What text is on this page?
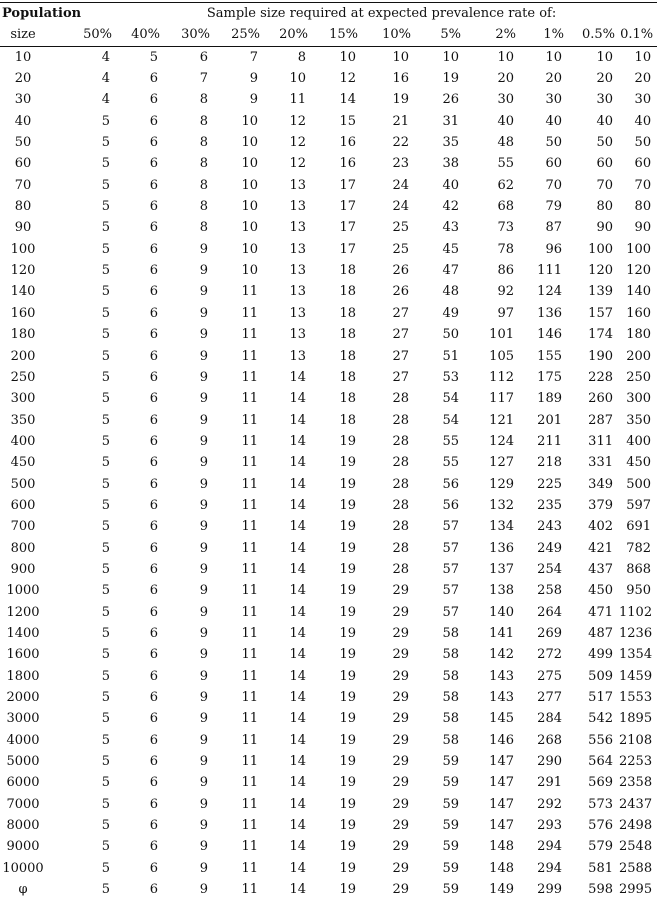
Population	Sample size required at expected prevalence rate of:											
size	50%	40%	30%	25%	20%	15%	10%	5%	2%	1%	0.5%	0.1%
10	4	5	6	7	8	10	10	10	10	10	10	10
20	4	6	7	9	10	12	16	19	20	20	20	20
30	4	6	8	9	11	14	19	26	30	30	30	30
40	5	6	8	10	12	15	21	31	40	40	40	40
50	5	6	8	10	12	16	22	35	48	50	50	50
60	5	6	8	10	12	16	23	38	55	60	60	60
70	5	6	8	10	13	17	24	40	62	70	70	70
80	5	6	8	10	13	17	24	42	68	79	80	80
90	5	6	8	10	13	17	25	43	73	87	90	90
100	5	6	9	10	13	17	25	45	78	96	100	100
120	5	6	9	10	13	18	26	47	86	111	120	120
140	5	6	9	11	13	18	26	48	92	124	139	140
160	5	6	9	11	13	18	27	49	97	136	157	160
180	5	6	9	11	13	18	27	50	101	146	174	180
200	5	6	9	11	13	18	27	51	105	155	190	200
250	5	6	9	11	14	18	27	53	112	175	228	250
300	5	6	9	11	14	18	28	54	117	189	260	300
350	5	6	9	11	14	18	28	54	121	201	287	350
400	5	6	9	11	14	19	28	55	124	211	311	400
450	5	6	9	11	14	19	28	55	127	218	331	450
500	5	6	9	11	14	19	28	56	129	225	349	500
600	5	6	9	11	14	19	28	56	132	235	379	597
700	5	6	9	11	14	19	28	57	134	243	402	691
800	5	6	9	11	14	19	28	57	136	249	421	782
900	5	6	9	11	14	19	28	57	137	254	437	868
1000	5	6	9	11	14	19	29	57	138	258	450	950
1200	5	6	9	11	14	19	29	57	140	264	471	1102
1400	5	6	9	11	14	19	29	58	141	269	487	1236
1600	5	6	9	11	14	19	29	58	142	272	499	1354
1800	5	6	9	11	14	19	29	58	143	275	509	1459
2000	5	6	9	11	14	19	29	58	143	277	517	1553
3000	5	6	9	11	14	19	29	58	145	284	542	1895
4000	5	6	9	11	14	19	29	58	146	268	556	2108
5000	5	6	9	11	14	19	29	59	147	290	564	2253
6000	5	6	9	11	14	19	29	59	147	291	569	2358
7000	5	6	9	11	14	19	29	59	147	292	573	2437
8000	5	6	9	11	14	19	29	59	147	293	576	2498
9000	5	6	9	11	14	19	29	59	148	294	579	2548
10000	5	6	9	11	14	19	29	59	148	294	581	2588
φ	5	6	9	11	14	19	29	59	149	299	598	2995
